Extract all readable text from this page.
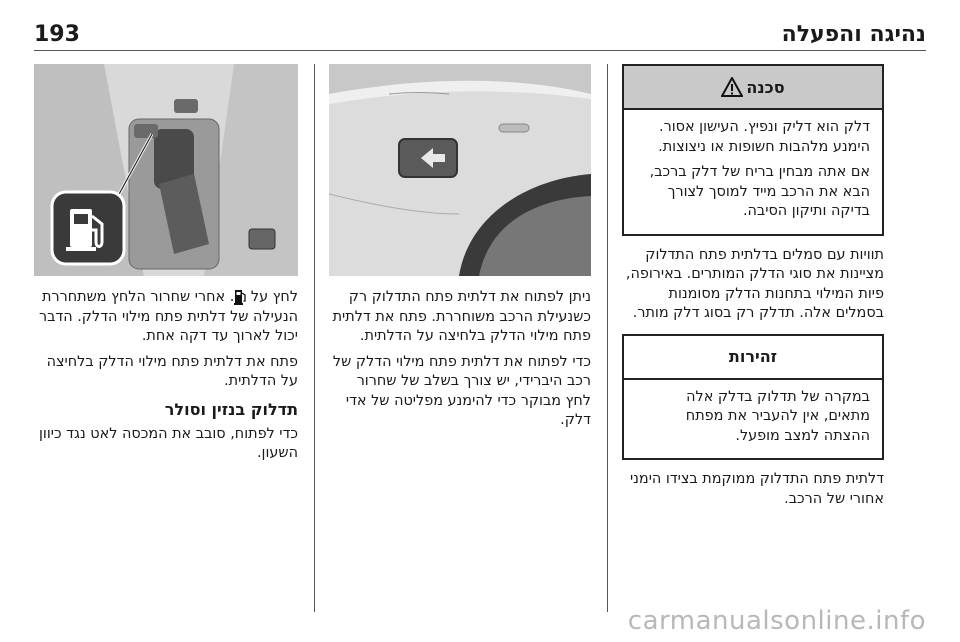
נהיגה והפעלה
193
סכנה

דלק הוא דליק ונפיץ. העישון אסור. הימנע מלהבות חשופות או ניצוצות.

אם אתה מבחין בריח של דלק ברכב, הבא את הרכב מייד למוסך לצורך בדיקה ותיקון הסיבה.

תוויות עם סמלים בדלתית פתח התדלוק מציינות את סוגי הדלק המותרים. באירופה, פיות המילוי בתחנות הדלק מסומנות בסמלים אלה. תדלק רק בסוג דלק מותר.

זהירות

במקרה של תדלוק בדלק אלה מתאים, אין להעביר את מפתח ההצתה למצב מופעל.

דלתית פתח התדלוק ממוקמת בצידו הימני אחורי של הרכב.

ניתן לפתוח את דלתית פתח התדלוק רק כשנעילת הרכב משוחררת. פתח את דלתית פתח מילוי הדלק בלחיצה על הדלתית.

כדי לפתוח את דלתית פתח מילוי הדלק של רכב היברידי, יש צורך בשלב של שחרור לחץ מבוקר כדי להימנע מפליטה של אדי דלק.

לחץ על . אחרי שחרור הלחץ משתחררת הנעילה של דלתית פתח מילוי הדלק. הדבר יכול לארוך עד דקה אחת.

פתח את דלתית פתח מילוי הדלק בלחיצה על הדלתית.

תדלוק בנזין וסולר

כדי לפתוח, סובב את המכסה לאט נגד כיוון השעון.

carmanualsonline.info
